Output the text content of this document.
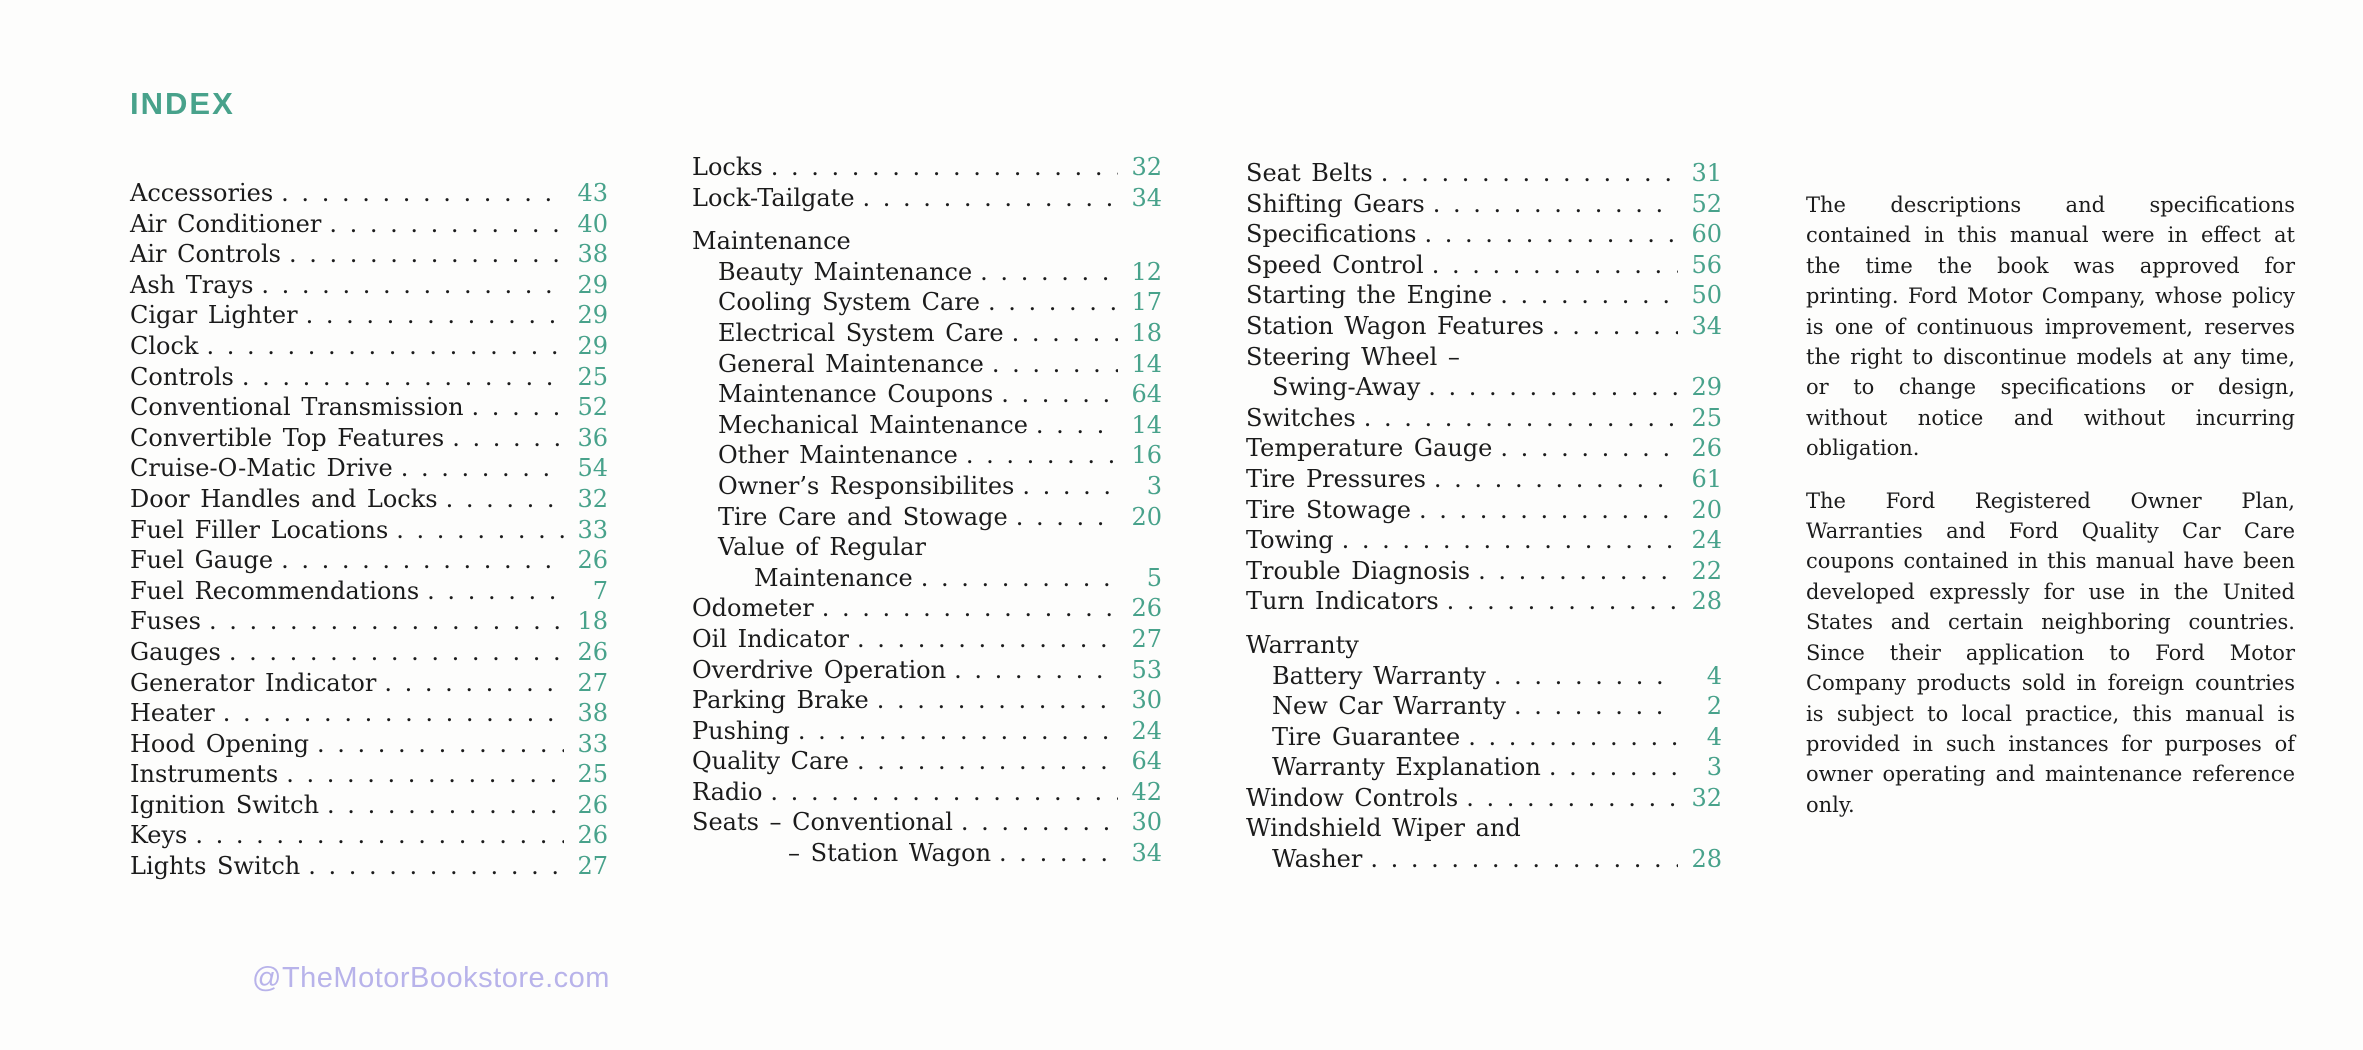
INDEX
Accessories . . .	43
Air Conditioner . . .	40
Air Controls . . .	38
Ash Trays . . .	29
Cigar Lighter . . .	29
Clock . . .	29
Controls . . .	25
Conventional Transmission . . .	52
Convertible Top Features . . .	36
Cruise-O-Matic Drive . . .	54
Door Handles and Locks . . .	32
Fuel Filler Locations . . .	33
Fuel Gauge . . .	26
Fuel Recommendations . . .	7
Fuses . . .	18
Gauges . . .	26
Generator Indicator . . .	27
Heater . . .	38
Hood Opening . . .	33
Instruments . . .	25
Ignition Switch . . .	26
Keys . . .	26
Lights Switch . . .	27
Locks . . .	32
Lock-Tailgate . . .	34
Maintenance
Beauty Maintenance . . .	12
Cooling System Care . . .	17
Electrical System Care . . .	18
General Maintenance . . .	14
Maintenance Coupons . . .	64
Mechanical Maintenance . . .	14
Other Maintenance . . .	16
Owner’s Responsibilites . . .	3
Tire Care and Stowage . . .	20
Value of Regular
Maintenance . . .	5
Odometer . . .	26
Oil Indicator . . .	27
Overdrive Operation . . .	53
Parking Brake . . .	30
Pushing . . .	24
Quality Care . . .	64
Radio . . .	42
Seats – Conventional . . .	30
– Station Wagon . . .	34
Seat Belts . . .	31
Shifting Gears . . .	52
Specifications . . .	60
Speed Control . . .	56
Starting the Engine . . .	50
Station Wagon Features . . .	34
Steering Wheel –
Swing-Away . . .	29
Switches . . .	25
Temperature Gauge . . .	26
Tire Pressures . . .	61
Tire Stowage . . .	20
Towing . . .	24
Trouble Diagnosis . . .	22
Turn Indicators . . .	28
Warranty
Battery Warranty . . .	4
New Car Warranty . . .	2
Tire Guarantee . . .	4
Warranty Explanation . . .	3
Window Controls . . .	32
Windshield Wiper and
Washer . . .	28

The descriptions and specifications contained in this manual were in effect at the time the book was approved for printing. Ford Motor Company, whose policy is one of continuous improvement, reserves the right to discontinue models at any time, or to change specifications or design, without notice and without incurring obligation.

The Ford Registered Owner Plan, Warranties and Ford Quality Car Care coupons contained in this manual have been developed expressly for use in the United States and certain neighboring countries. Since their application to Ford Motor Company products sold in foreign countries is subject to local practice, this manual is provided in such instances for purposes of owner operating and maintenance reference only.

@TheMotorBookstore.com
